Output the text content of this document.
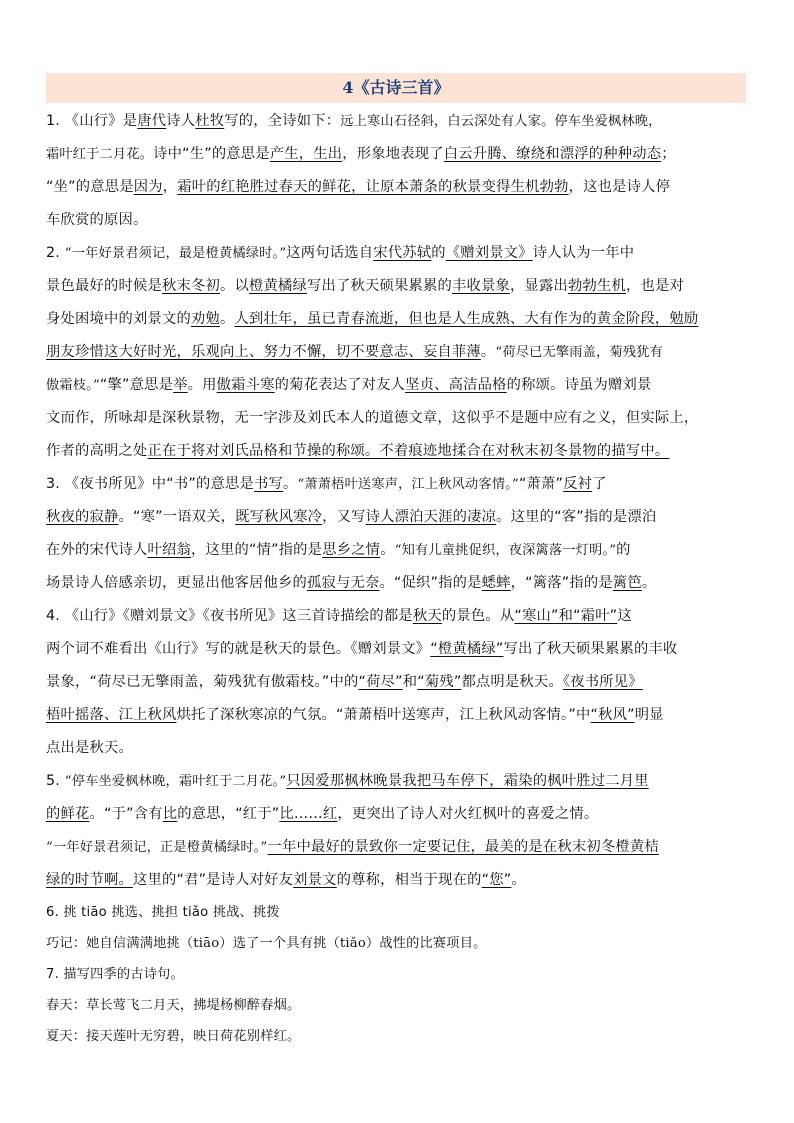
4《古诗三首》
1. 《山行》是唐代诗人杜牧写的，全诗如下：远上寒山石径斜，白云深处有人家。停车坐爱枫林晚，
霜叶红于二月花。诗中“生”的意思是产生，生出，形象地表现了白云升腾、缭绕和漂浮的种种动态；
“坐”的意思是因为，霜叶的红艳胜过春天的鲜花，让原本萧条的秋景变得生机勃勃，这也是诗人停
车欣赏的原因。
2. “一年好景君须记，最是橙黄橘绿时。”这两句话选自宋代苏轼的《赠刘景文》诗人认为一年中
景色最好的时候是秋末冬初。以橙黄橘绿写出了秋天硕果累累的丰收景象，显露出勃勃生机，也是对
身处困境中的刘景文的劝勉。人到壮年，虽已青春流逝，但也是人生成熟、大有作为的黄金阶段，勉励
朋友珍惜这大好时光，乐观向上、努力不懈，切不要意志、妄自菲薄。“荷尽已无擎雨盖，菊残犹有
傲霜枝。”“擎”意思是举。用傲霜斗寒的菊花表达了对友人坚贞、高洁品格的称颂。诗虽为赠刘景
文而作，所咏却是深秋景物，无一字涉及刘氏本人的道德文章，这似乎不是题中应有之义，但实际上，
作者的高明之处正在于将对刘氏品格和节操的称颂。不着痕迹地揉合在对秋末初冬景物的描写中。
3. 《夜书所见》中“书”的意思是书写。“萧萧梧叶送寒声，江上秋风动客情。”“萧萧”反衬了
秋夜的寂静。“寒”一语双关，既写秋风寒冷，又写诗人漂泊天涯的凄凉。这里的“客”指的是漂泊
在外的宋代诗人叶绍翁，这里的“情”指的是思乡之情。“知有儿童挑促织，夜深篱落一灯明。”的
场景诗人倍感亲切，更显出他客居他乡的孤寂与无奈。“促织”指的是蟋蟀，“篱落”指的是篱笆。
4. 《山行》《赠刘景文》《夜书所见》这三首诗描绘的都是秋天的景色。从“寒山”和“霜叶”这
两个词不难看出《山行》写的就是秋天的景色。《赠刘景文》“橙黄橘绿”写出了秋天硕果累累的丰收
景象，“荷尽已无擎雨盖，菊残犹有傲霜枝。”中的“荷尽”和“菊残”都点明是秋天。《夜书所见》
梧叶摇落、江上秋风烘托了深秋寒凉的气氛。“萧萧梧叶送寒声，江上秋风动客情。”中“秋风”明显
点出是秋天。
5. “停车坐爱枫林晚，霜叶红于二月花。”只因爱那枫林晚景我把马车停下，霜染的枫叶胜过二月里
的鲜花。“于”含有比的意思，“红于”比……红，更突出了诗人对火红枫叶的喜爱之情。
“一年好景君须记，正是橙黄橘绿时。”一年中最好的景致你一定要记住，最美的是在秋末初冬橙黄桔
绿的时节啊。这里的“君”是诗人对好友刘景文的尊称，相当于现在的“您”。
6. 挑 tiāo 挑选、挑担 tiǎo 挑战、挑拨
巧记：她自信满满地挑（tiāo）选了一个具有挑（tiǎo）战性的比赛项目。
7. 描写四季的古诗句。
春天：草长莺飞二月天，拂堤杨柳醉春烟。
夏天：接天莲叶无穷碧，映日荷花别样红。
